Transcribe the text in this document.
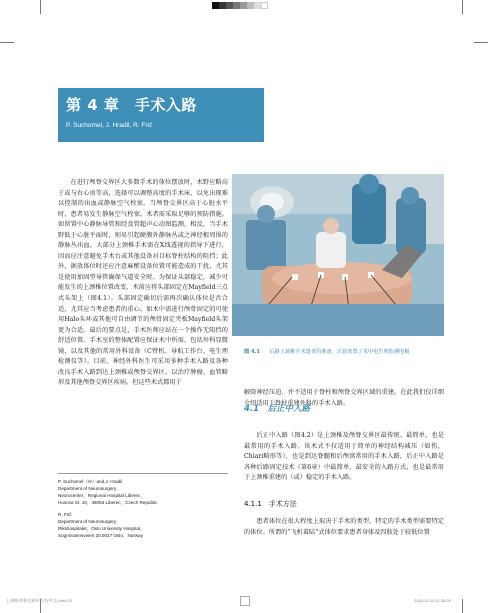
第 4 章　手术入路
P. Suchomel, J. Hradil, R. Frič
在进行颅脊交界区大多数手术的体位摆放时，术野应略高于或与右心房等高，选择可以调整高度的手术床，以免出现难以控制的出血或静脉空气栓塞。当颅脊交界区高于心脏水平时，患者易发生静脉空气栓塞。术者需采取足够的预防措施。如留置中心静脉导管和经食管超声心动图监测，相反，当手术野低于心脏平面时，则易引起硬膜外静脉丛或之神经根周围的静脉丛出血。大部分上颈椎手术需在X线透视的指导下进行，因而应注意避免手术台或其他设备对目标脊柱结构的阻挡；此外，据放体位时还应注意麻醉设备位置可能造成的干扰，尤其是使用加固型导管确保气道安全时。为保证头部稳定，减少可能发生的上颈椎位置改变，术前应将头部固定在Mayfield三点式头架上（图4.1）。头部固定确切后需再次确认体位是否合适，尤其应当考虑患者的重心。如术中需进行颅骨固定的可使用Halo头环或其他可自由调节的颅骨固定夹板Mayfield头架更为合适。最后的要点是，手术医师应站在一个操作无阻挡的舒适位置。手术室的整体配置应保证术中所需，包括外科显微镜，以及其他的常用外科设备（C臂机、导航工作台、电生理检测仪等）。目前，神经外科医生可采用多种手术入路及各种改良手术入路到达上颈椎或颅脊交界区，以治疗肿瘤、血管畸形及其他颅脊交界区疾病。但这些术式都用于
图 4.1 后路上颈椎手术患者的准备，注意放置了术中电生理监测电极
解除神经压迫、并不适用于脊柱和颅脊交界区域的重建。在此我们仅详细介绍适用于脊柱重建外科的手术入路。
4.1　后正中入路
后正中入路（图4.2）是上颈椎及颅脊交界区最传统、最简单，也是最常用的手术入路。该术式不仅适用于简单的神经结构减压（如伤，Chiari畸形等），也是到达脊髓和后颅窝常用的手术入路，后正中入路是各种后路固定技术（第6章）中最简单、最安全的入路方式，也是最常用于上颈椎重建的（或）稳定的手术入路。
4.1.1　手术方法
患者体位在很大程度上取决于手术的类型。特定的手术类型需要特定的体位。所谓的“飞机着陆”式体位要求患者身体及四肢处于较低位置
P. Suchomel（✉）and J. Hradil
Department of Neurosurgery，
Neurocenter，Regional Hospital Liberec，
Husova St. 10，46063 Liberec，Czech Republic
R. Frič
Department of Neurosurgery，
Rikshospitalet，Oslo University Hospital，
Sognsvannsveien 20,0027 Oslo，Norway
上颈椎/颅脊交界外科学(中文).indd 33	2018-12-25 11:38:29
